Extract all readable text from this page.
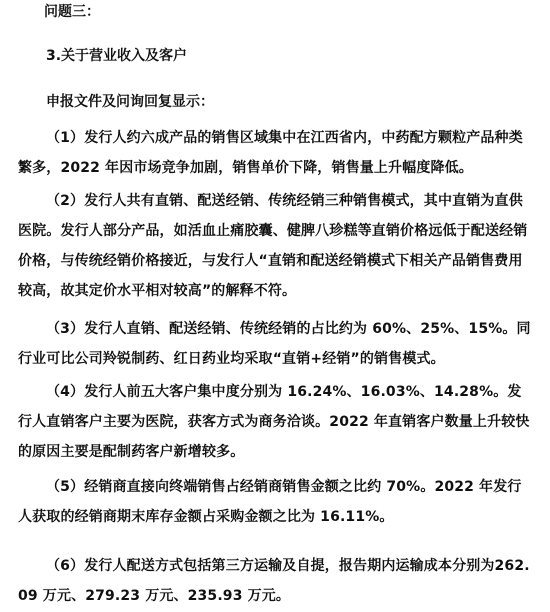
问题三：

3.关于营业收入及客户

申报文件及问询回复显示：

（1）发行人约六成产品的销售区域集中在江西省内，中药配方颗粒产品种类繁多，2022 年因市场竞争加剧，销售单价下降，销售量上升幅度降低。

（2）发行人共有直销、配送经销、传统经销三种销售模式，其中直销为直供医院。发行人部分产品，如活血止痛胶囊、健脾八珍糕等直销价格远低于配送经销价格，与传统经销价格接近，与发行人“直销和配送经销模式下相关产品销售费用较高，故其定价水平相对较高”的解释不符。

（3）发行人直销、配送经销、传统经销的占比约为 60%、25%、15%。同行业可比公司羚锐制药、红日药业均采取“直销+经销”的销售模式。

（4）发行人前五大客户集中度分别为 16.24%、16.03%、14.28%。发行人直销客户主要为医院，获客方式为商务洽谈。2022 年直销客户数量上升较快的原因主要是配制药客户新增较多。

（5）经销商直接向终端销售占经销商销售金额之比约 70%。2022 年发行人获取的经销商期末库存金额占采购金额之比为 16.11%。

（6）发行人配送方式包括第三方运输及自提，报告期内运输成本分别为262.09 万元、279.23 万元、235.93 万元。
